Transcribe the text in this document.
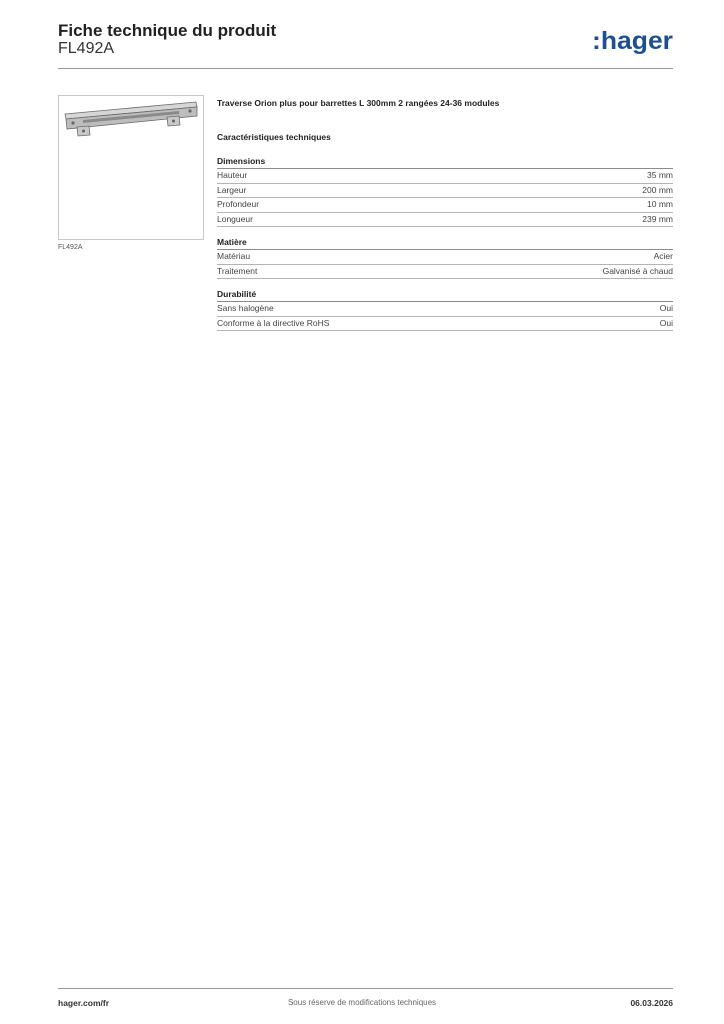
Fiche technique du produit
FL492A	:hager
FL492A
Traverse Orion plus pour barrettes L 300mm 2 rangées 24-36 modules
Caractéristiques techniques
Dimensions
Hauteur	35 mm
Largeur	200 mm
Profondeur	10 mm
Longueur	239 mm
Matière
Matériau	Acier
Traitement	Galvanisé à chaud
Durabilité
Sans halogène	Oui
Conforme à la directive RoHS	Oui
hager.com/fr	Sous réserve de modifications techniques	06.03.2026
